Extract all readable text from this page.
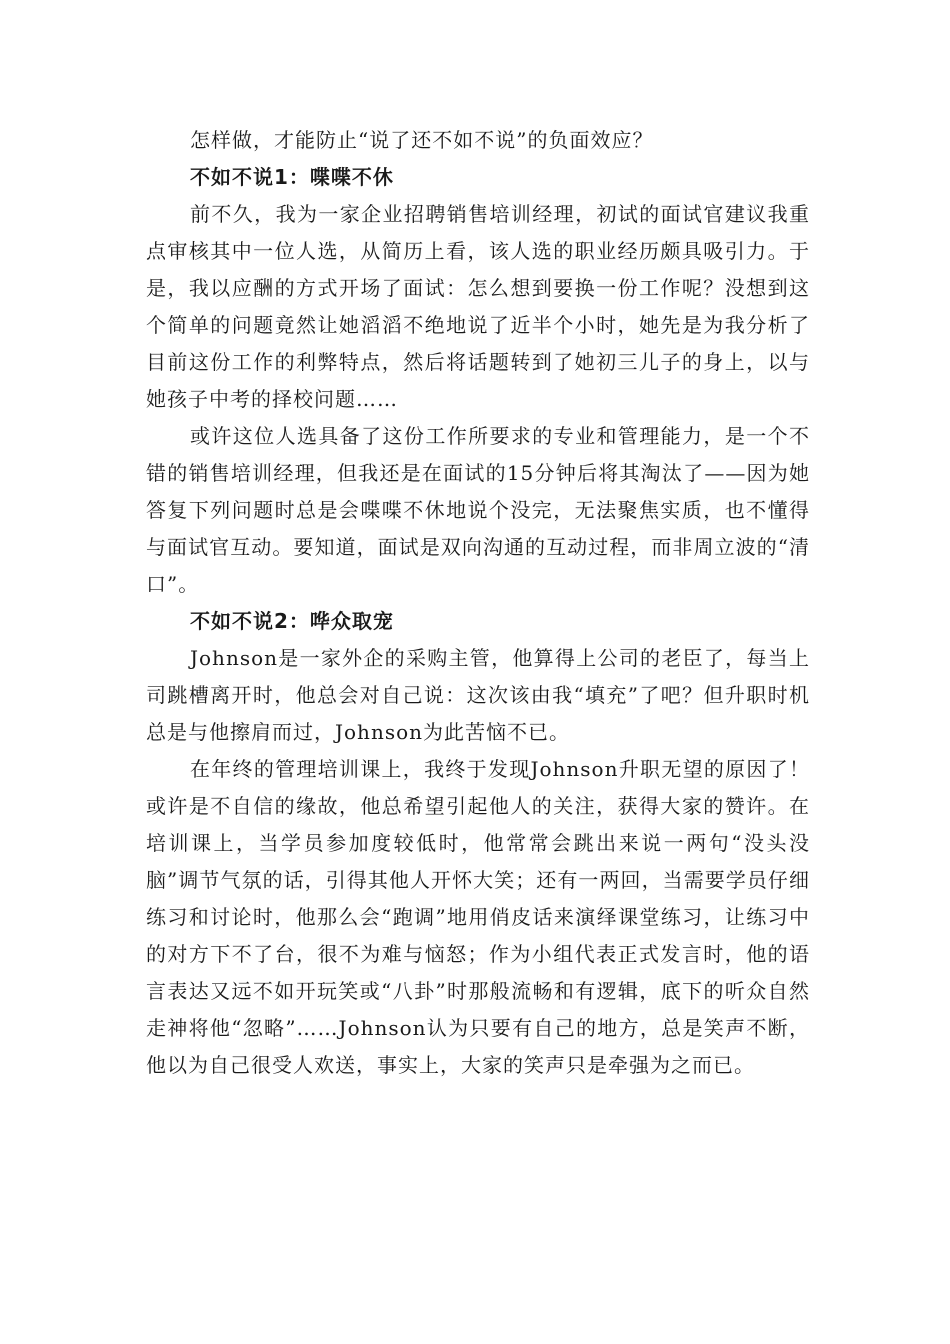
怎样做，才能防止“说了还不如不说”的负面效应？

不如不说1：喋喋不休

前不久，我为一家企业招聘销售培训经理，初试的面试官建议我重点审核其中一位人选，从简历上看，该人选的职业经历颇具吸引力。于是，我以应酬的方式开场了面试：怎么想到要换一份工作呢？没想到这个简单的问题竟然让她滔滔不绝地说了近半个小时，她先是为我分析了目前这份工作的利弊特点，然后将话题转到了她初三儿子的身上，以与她孩子中考的择校问题……

或许这位人选具备了这份工作所要求的专业和管理能力，是一个不错的销售培训经理，但我还是在面试的15分钟后将其淘汰了——因为她答复下列问题时总是会喋喋不休地说个没完，无法聚焦实质，也不懂得与面试官互动。要知道，面试是双向沟通的互动过程，而非周立波的“清口”。

不如不说2：哗众取宠

Johnson是一家外企的采购主管，他算得上公司的老臣了，每当上司跳槽离开时，他总会对自己说：这次该由我“填充”了吧？但升职时机总是与他擦肩而过，Johnson为此苦恼不已。

在年终的管理培训课上，我终于发现Johnson升职无望的原因了！或许是不自信的缘故，他总希望引起他人的关注，获得大家的赞许。在培训课上，当学员参加度较低时，他常常会跳出来说一两句“没头没脑”调节气氛的话，引得其他人开怀大笑；还有一两回，当需要学员仔细练习和讨论时，他那么会“跑调”地用俏皮话来演绎课堂练习，让练习中的对方下不了台，很不为难与恼怒；作为小组代表正式发言时，他的语言表达又远不如开玩笑或“八卦”时那般流畅和有逻辑，底下的听众自然走神将他“忽略”……Johnson认为只要有自己的地方，总是笑声不断，他以为自己很受人欢送，事实上，大家的笑声只是牵强为之而已。
